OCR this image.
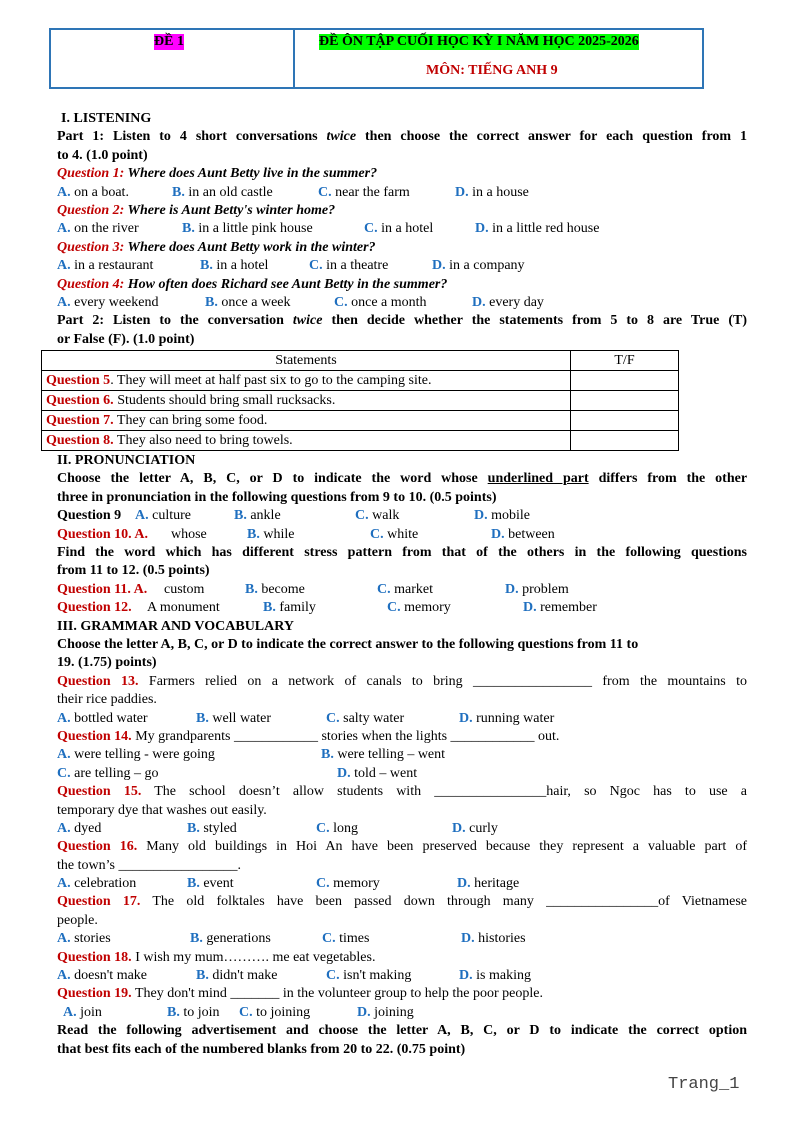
ĐỀ 1	ĐỀ ÔN TẬP CUỐI HỌC KỲ I NĂM HỌC 2025-2026
MÔN: TIẾNG ANH 9
I. LISTENING
Part 1: Listen to 4 short conversations twice then choose the correct answer for each question from 1
to 4. (1.0 point)
Question 1: Where does Aunt Betty live in the summer?
A. on a boat.	B. in an old castle	C. near the farm	D. in a house
Question 2: Where is Aunt Betty's winter home?
A. on the river	B. in a little pink house	C. in a hotel	D. in a little red house
Question 3: Where does Aunt Betty work in the winter?
A. in a restaurant	B. in a hotel	C. in a theatre	D. in a company
Question 4: How often does Richard see Aunt Betty in the summer?
A. every weekend	B. once a week	C. once a month	D. every day
Part 2: Listen to the conversation twice then decide whether the statements from 5 to 8 are True (T)
or False (F). (1.0 point)
Statements	T/F
Question 5. They will meet at half past six to go to the camping site.	
Question 6. Students should bring small rucksacks.	
Question 7. They can bring some food.	
Question 8. They also need to bring towels.	
II. PRONUNCIATION
Choose the letter A, B, C, or D to indicate the word whose underlined part differs from the other
three in pronunciation in the following questions from 9 to 10. (0.5 points)
Question 9 A. culture	B. ankle	C. walk	D. mobile
Question 10. A. whose	B. while	C. white	D. between
Find the word which has different stress pattern from that of the others in the following questions
from 11 to 12. (0.5 points)
Question 11. A. custom	B. become	C. market	D. problem
Question 12. A monument	B. family	C. memory	D. remember
III. GRAMMAR AND VOCABULARY
Choose the letter A, B, C, or D to indicate the correct answer to the following questions from 11 to
19. (1.75) points)
Question 13. Farmers relied on a network of canals to bring _________________ from the mountains to
their rice paddies.
A. bottled water	B. well water	C. salty water	D. running water
Question 14. My grandparents ____________ stories when the lights ____________ out.
A. were telling - were going	B. were telling – went
C. are telling – go	D. told – went
Question 15. The school doesn’t allow students with ________________hair, so Ngoc has to use a
temporary dye that washes out easily.
A. dyed	B. styled	C. long	D. curly
Question 16. Many old buildings in Hoi An have been preserved because they represent a valuable part of
the town’s _________________.
A. celebration	B. event	C. memory	D. heritage
Question 17. The old folktales have been passed down through many ________________of Vietnamese
people.
A. stories	B. generations	C. times	D. histories
Question 18. I wish my mum………. me eat vegetables.
A. doesn't make	B. didn't make	C. isn't making	D. is making
Question 19. They don't mind _______ in the volunteer group to help the poor people.
A. join	B. to join C. to joining	D. joining
Read the following advertisement and choose the letter A, B, C, or D to indicate the correct option
that best fits each of the numbered blanks from 20 to 22. (0.75 point)
Trang_1
